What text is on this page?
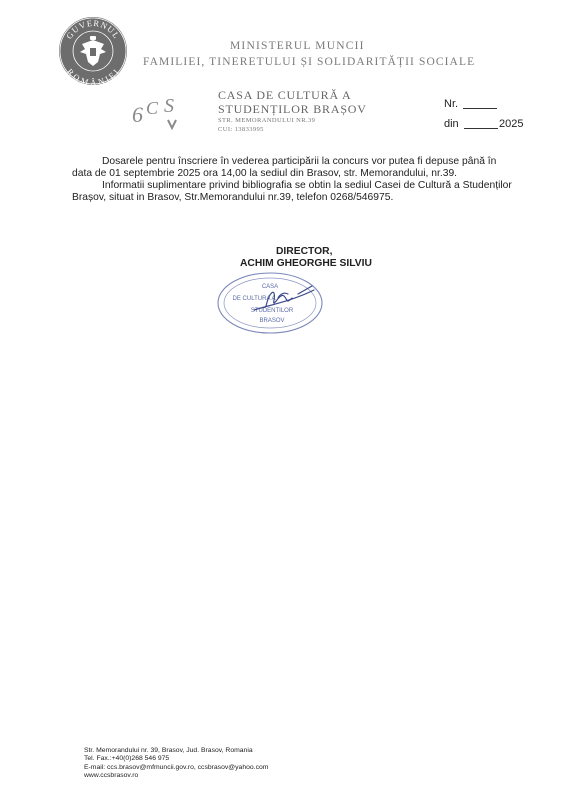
GUVERNUL
ROMÂNIEI
MINISTERUL MUNCII
FAMILIEI, TINERETULUI ȘI SOLIDARITĂȚII SOCIALE
6 C S	CASA DE CULTURĂ A
STUDENȚILOR BRAȘOV
STR. MEMORANDULUI NR.39
CUI: 13833995
Nr.
din	2025

Dosarele pentru înscriere în vederea participării la concurs vor putea fi depuse până în data de 01 septembrie 2025 ora 14,00 la sediul din Brasov, str. Memorandului, nr.39.

Informatii suplimentare privind bibliografia se obtin la sediul Casei de Cultură a Studenților Brașov, situat in Brasov, Str.Memorandului nr.39, telefon 0268/546975.

DIRECTOR,
ACHIM GHEORGHE SILVIU
CASA
DE CULTURA A
STUDENTILOR
BRASOV
Str. Memorandului nr. 39, Brasov, Jud. Brasov, Romania
Tel. Fax.:+40(0)268 546 975
E-mail: ccs.brasov@mfmuncii.gov.ro, ccsbrasov@yahoo.com
www.ccsbrasov.ro
